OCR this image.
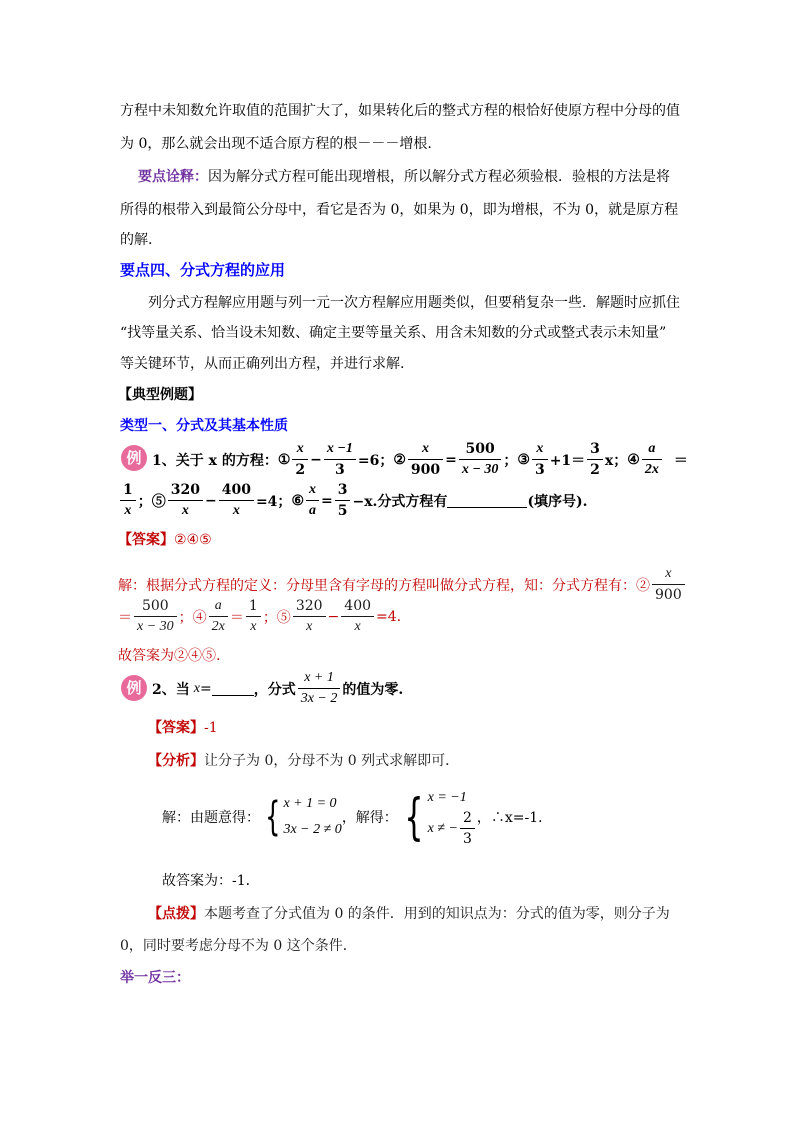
方程中未知数允许取值的范围扩大了，如果转化后的整式方程的根恰好使原方程中分母的值
为 0，那么就会出现不适合原方程的根－－－增根.
要点诠释：因为解分式方程可能出现增根，所以解分式方程必须验根．验根的方法是将
所得的根带入到最简公分母中，看它是否为 0，如果为 0，即为增根，不为 0，就是原方程
的解.
要点四、分式方程的应用
列分式方程解应用题与列一元一次方程解应用题类似，但要稍复杂一些．解题时应抓住
“找等量关系、恰当设未知数、确定主要等量关系、用含未知数的分式或整式表示未知量”
等关键环节，从而正确列出方程，并进行求解.
【典型例题】
类型一、分式及其基本性质
例 1、关于 x 的方程： ① $\frac{x}{2} - \frac{x -1}{3} =6$； ② $\frac{x}{900} = \frac{500}{x - 30}$ ； ③ $\frac{x}{3} +1= \frac{3}{2}$ x； ④ $\frac{a}{2x}$ ＝
$\frac{1}{x}$ ；⑤ $\frac{320}{x} - \frac{400}{x} =4$； ⑥ $\frac{x}{a} = \frac{3}{5} -x$.分式方程有	(填序号).
【答案】②④⑤
解：根据分式方程的定义：分母里含有字母的方程叫做分式方程，知：分式方程有：② $\frac{x}{900}$
＝ $\frac{500}{x - 30}$ ；④ $\frac{a}{2x} = \frac{1}{x}$ ；⑤ $\frac{320}{x} - \frac{400}{x} =4$.
故答案为②④⑤.
例 2、当 x =	，分式 $\frac{x + 1}{3x - 2}$ 的值为零.
【答案】-1
【分析】让分子为 0，分母不为 0 列式求解即可．
解：由题意得： { x + 1 = 0
3x − 2 ≠ 0
，解得： { x = −1
x ≠ − $\frac{2}{3}$ ，∴x=-1．
故答案为：-1．
【点拨】本题考查了分式值为 0 的条件．用到的知识点为：分式的值为零，则分子为
0，同时要考虑分母不为 0 这个条件．
举一反三：
